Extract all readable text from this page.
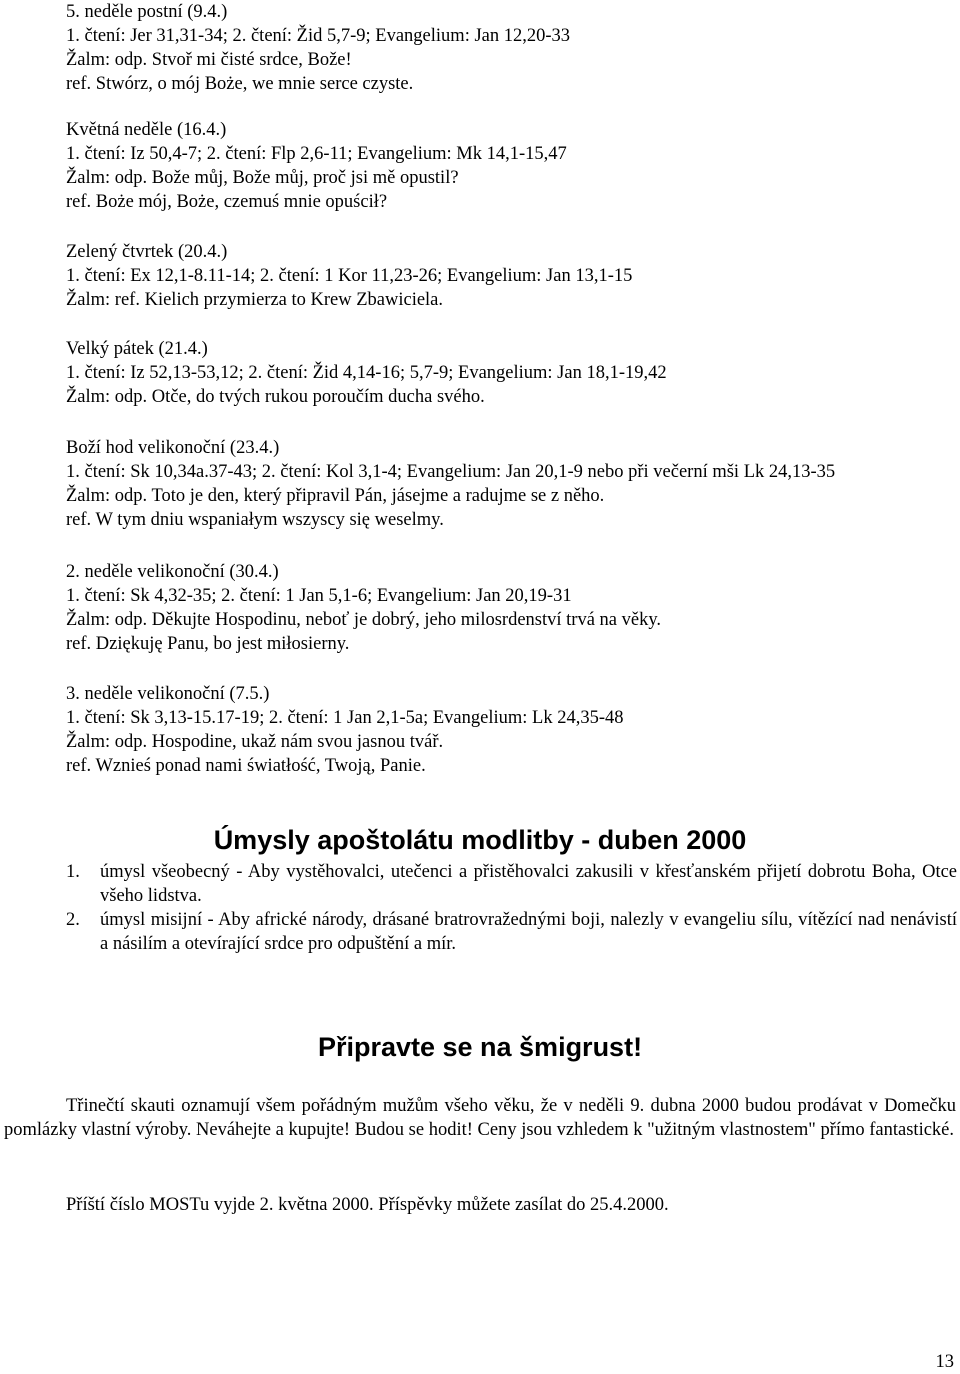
5. neděle postní (9.4.)
1. čtení: Jer 31,31-34; 2. čtení: Žid 5,7-9; Evangelium: Jan 12,20-33
Žalm: odp. Stvoř mi čisté srdce, Bože!
ref. Stwórz, o mój Boże, we mnie serce czyste.
Květná neděle (16.4.)
1. čtení: Iz 50,4-7; 2. čtení: Flp 2,6-11; Evangelium: Mk 14,1-15,47
Žalm: odp. Bože můj, Bože můj, proč jsi mě opustil?
ref. Boże mój, Boże, czemuś mnie opuścił?
Zelený čtvrtek (20.4.)
1. čtení: Ex 12,1-8.11-14; 2. čtení: 1 Kor 11,23-26; Evangelium: Jan 13,1-15
Žalm: ref. Kielich przymierza to Krew Zbawiciela.
Velký pátek (21.4.)
1. čtení: Iz 52,13-53,12; 2. čtení: Žid 4,14-16; 5,7-9; Evangelium: Jan 18,1-19,42
Žalm: odp. Otče, do tvých rukou poroučím ducha svého.
Boží hod velikonoční (23.4.)
1. čtení: Sk 10,34a.37-43; 2. čtení: Kol 3,1-4; Evangelium: Jan 20,1-9 nebo při večerní mši Lk 24,13-35
Žalm: odp. Toto je den, který připravil Pán, jásejme a radujme se z něho.
ref. W tym dniu wspaniałym wszyscy się weselmy.
2. neděle velikonoční (30.4.)
1. čtení: Sk 4,32-35; 2. čtení: 1 Jan 5,1-6; Evangelium: Jan 20,19-31
Žalm: odp. Děkujte Hospodinu, neboť je dobrý, jeho milosrdenství trvá na věky.
ref. Dziękuję Panu, bo jest miłosierny.
3. neděle velikonoční (7.5.)
1. čtení: Sk 3,13-15.17-19; 2. čtení: 1 Jan 2,1-5a; Evangelium: Lk 24,35-48
Žalm: odp. Hospodine, ukaž nám svou jasnou tvář.
ref. Wznieś ponad nami światłość, Twoją, Panie.
Úmysly apoštolátu modlitby - duben 2000
1. úmysl všeobecný - Aby vystěhovalci, utečenci a přistěhovalci zakusili v křesťanském přijetí dobrotu Boha, Otce všeho lidstva.
2. úmysl misijní - Aby africké národy, drásané bratrovražednými boji, nalezly v evangeliu sílu, vítězící nad nenávistí a násilím a otevírající srdce pro odpuštění a mír.
Připravte se na šmigrust!
Třinečtí skauti oznamují všem pořádným mužům všeho věku, že v neděli 9. dubna 2000 budou prodávat v Domečku pomlázky vlastní výroby. Neváhejte a kupujte! Budou se hodit! Ceny jsou vzhledem k "užitným vlastnostem" přímo fantastické.
Příští číslo MOSTu vyjde 2. května 2000. Příspěvky můžete zasílat do 25.4.2000.
13
